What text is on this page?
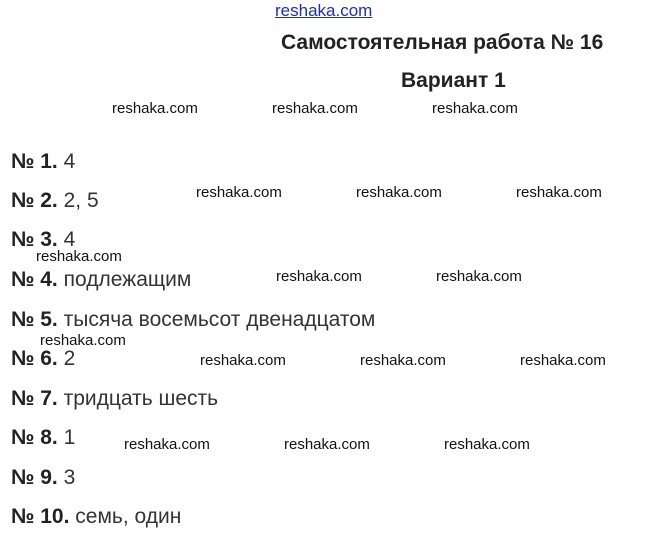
reshaka.com
Самостоятельная работа № 16
Вариант 1
reshaka.com	reshaka.com	reshaka.com
reshaka.com	reshaka.com	reshaka.com
reshaka.com
reshaka.com	reshaka.com
reshaka.com
reshaka.com	reshaka.com	reshaka.com
reshaka.com	reshaka.com	reshaka.com
№ 1. 4
№ 2. 2, 5
№ 3. 4
№ 4. подлежащим
№ 5. тысяча восемьсот двенадцатом
№ 6. 2
№ 7. тридцать шесть
№ 8. 1
№ 9. 3
№ 10. семь, один
